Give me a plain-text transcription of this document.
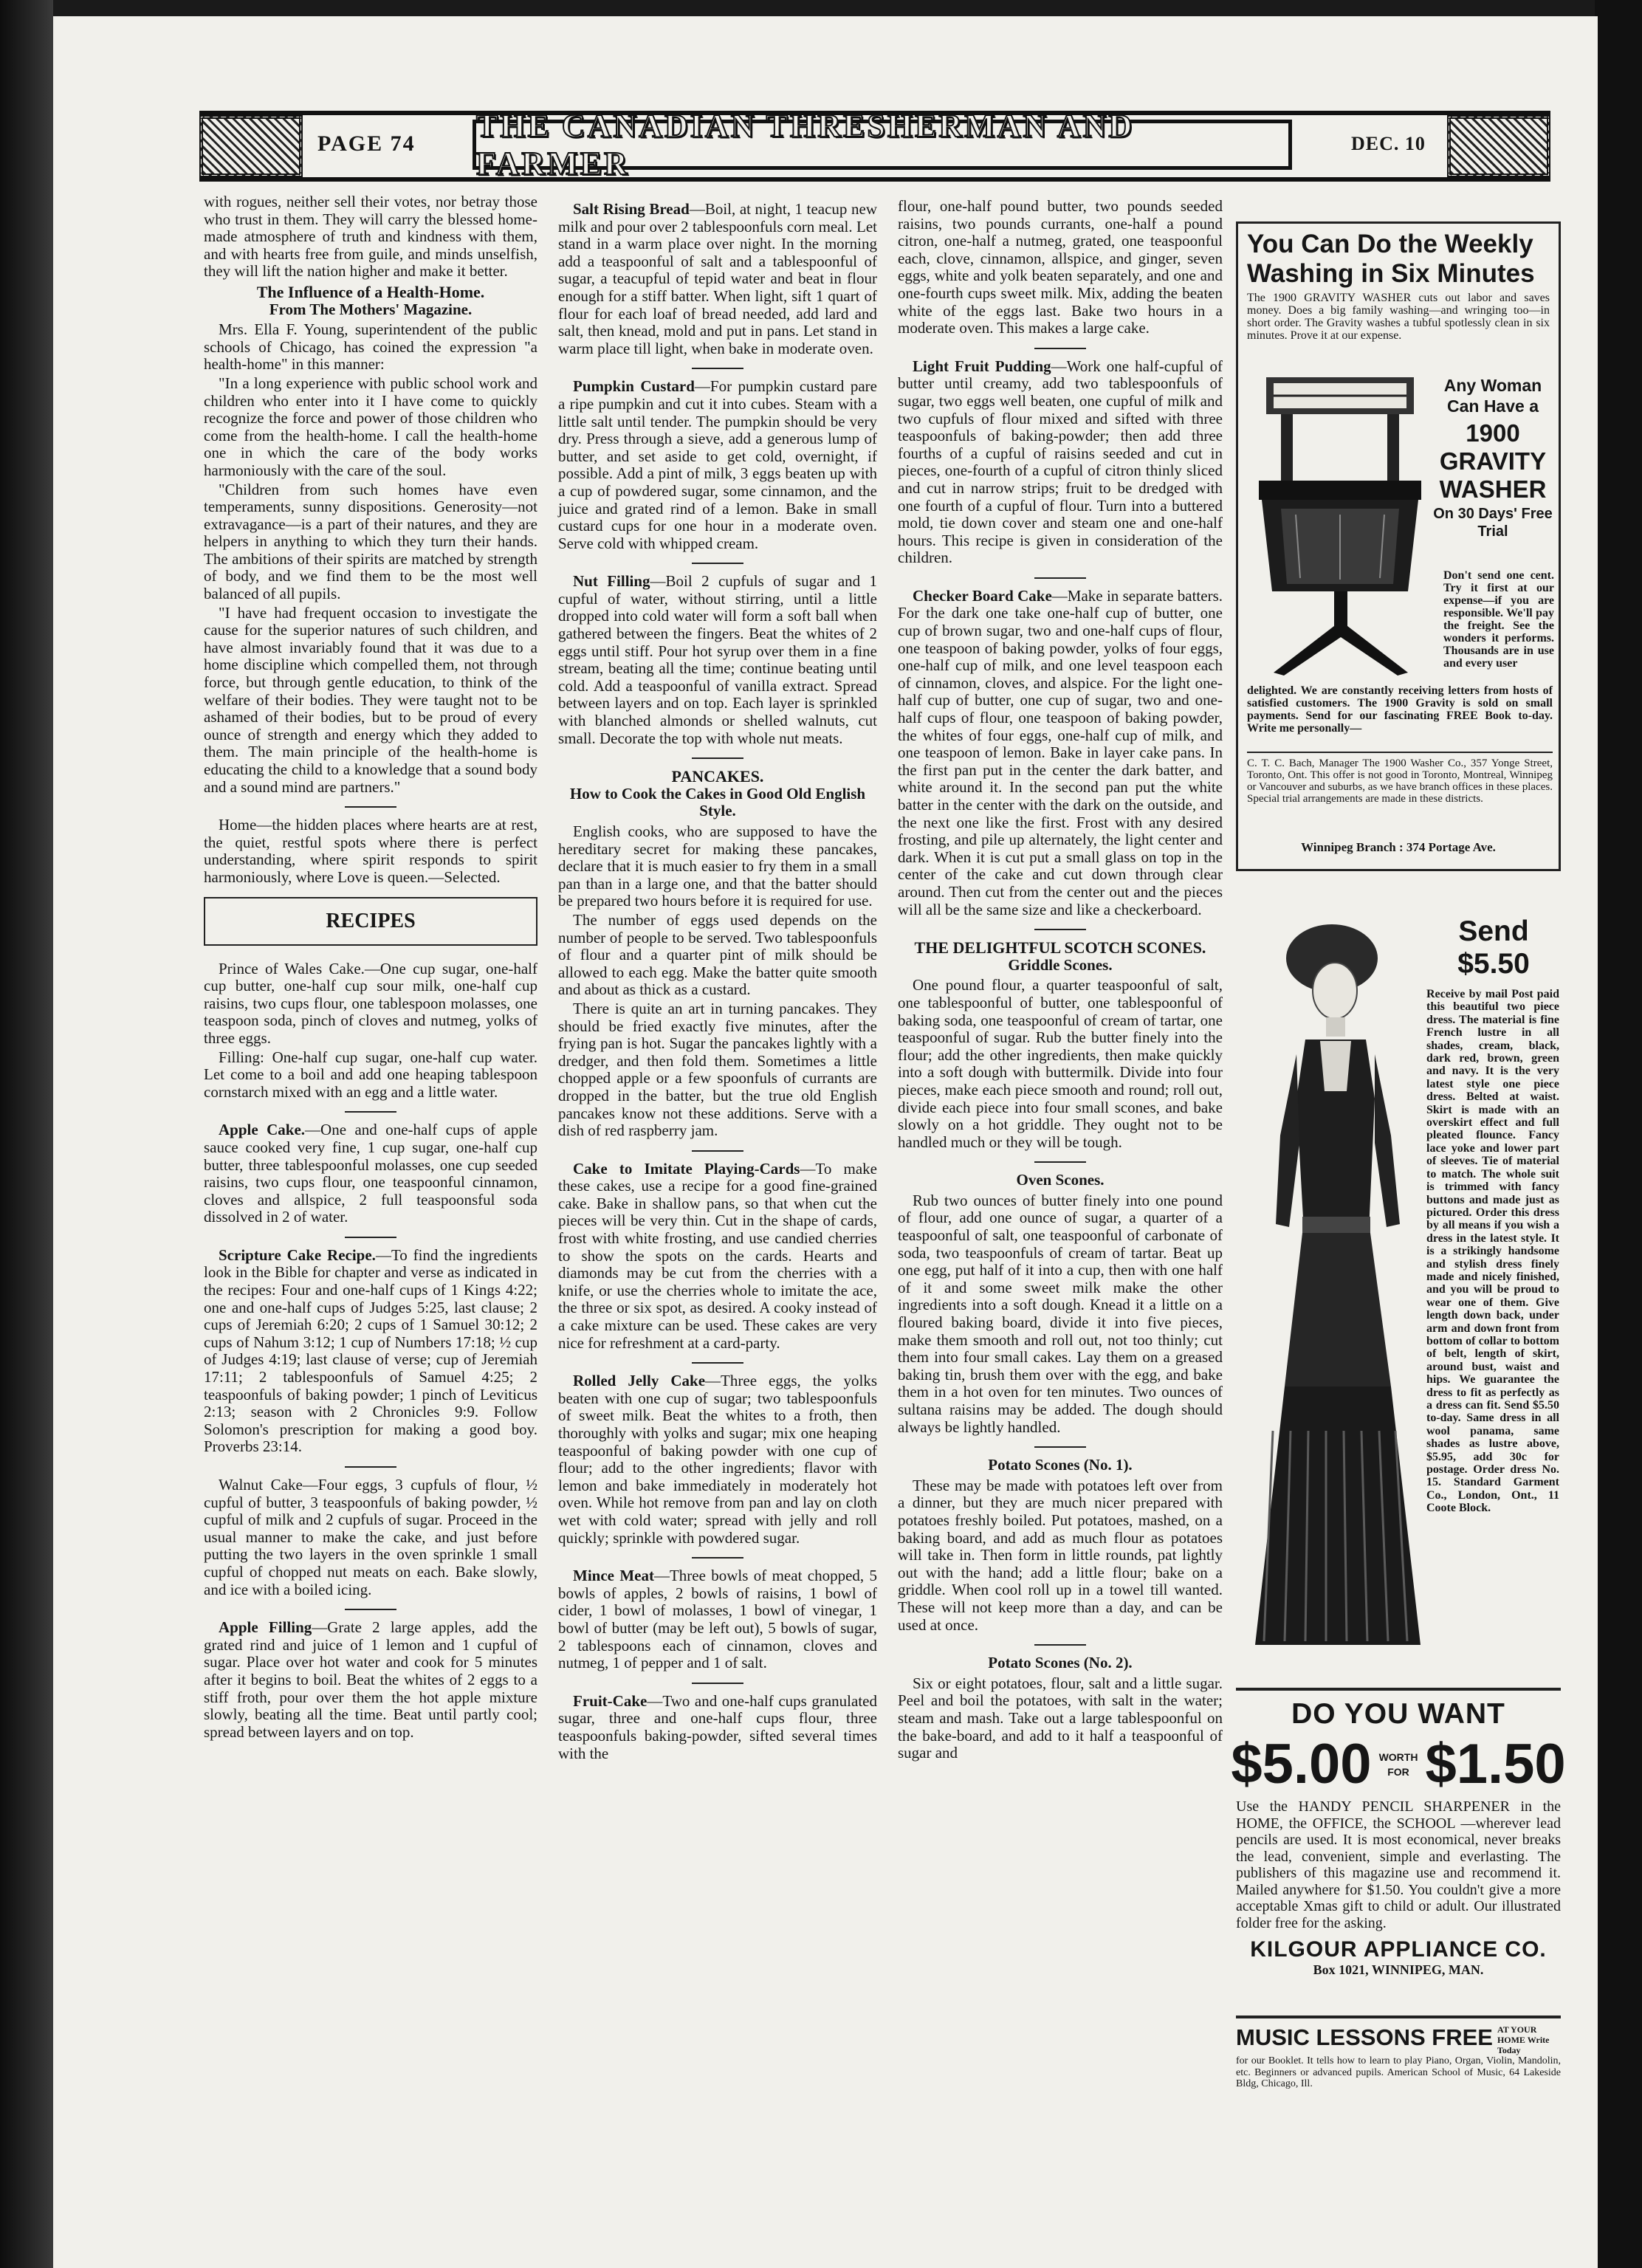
PAGE 74 THE CANADIAN THRESHERMAN AND FARMER
DEC. 10

with rogues, neither sell their votes, nor betray those who trust in them. They will carry the blessed home-made atmosphere of truth and kindness with them, and with hearts free from guile, and minds unselfish, they will lift the nation higher and make it better.

The Influence of a Health-Home.
From The Mothers' Magazine.

Mrs. Ella F. Young, superintendent of the public schools of Chicago, has coined the expression "a health-home" in this manner:

"In a long experience with public school work and children who enter into it I have come to quickly recognize the force and power of those children who come from the health-home. I call the health-home one in which the care of the body works harmoniously with the care of the soul.

"Children from such homes have even temperaments, sunny dispositions. Generosity—not extravagance—is a part of their natures, and they are helpers in anything to which they turn their hands. The ambitions of their spirits are matched by strength of body, and we find them to be the most well balanced of all pupils.

"I have had frequent occasion to investigate the cause for the superior natures of such children, and have almost invariably found that it was due to a home discipline which compelled them, not through force, but through gentle education, to think of the welfare of their bodies. They were taught not to be ashamed of their bodies, but to be proud of every ounce of strength and energy which they added to them. The main principle of the health-home is educating the child to a knowledge that a sound body and a sound mind are partners."

Home—the hidden places where hearts are at rest, the quiet, restful spots where there is perfect understanding, where spirit responds to spirit harmoniously, where Love is queen.—Selected.

RECIPES

Prince of Wales Cake.—One cup sugar, one-half cup butter, one-half cup sour milk, one-half cup raisins, two cups flour, one tablespoon molasses, one teaspoon soda, pinch of cloves and nutmeg, yolks of three eggs.

Filling: One-half cup sugar, one-half cup water. Let come to a boil and add one heaping tablespoon cornstarch mixed with an egg and a little water.

Apple Cake.—One and one-half cups of apple sauce cooked very fine, 1 cup sugar, one-half cup butter, three tablespoonful molasses, one cup seeded raisins, two cups flour, one teaspoonful cinnamon, cloves and allspice, 2 full teaspoonsful soda dissolved in 2 of water.

Scripture Cake Recipe.—To find the ingredients look in the Bible for chapter and verse as indicated in the recipes: Four and one-half cups of 1 Kings 4:22; one and one-half cups of Judges 5:25, last clause; 2 cups of Jeremiah 6:20; 2 cups of 1 Samuel 30:12; 2 cups of Nahum 3:12; 1 cup of Numbers 17:18; ½ cup of Judges 4:19; last clause of verse; cup of Jeremiah 17:11; 2 tablespoonfuls of Samuel 4:25; 2 teaspoonfuls of baking powder; 1 pinch of Leviticus 2:13; season with 2 Chronicles 9:9. Follow Solomon's prescription for making a good boy. Proverbs 23:14.

Walnut Cake—Four eggs, 3 cupfuls of flour, ½ cupful of butter, 3 teaspoonfuls of baking powder, ½ cupful of milk and 2 cupfuls of sugar. Proceed in the usual manner to make the cake, and just before putting the two layers in the oven sprinkle 1 small cupful of chopped nut meats on each. Bake slowly, and ice with a boiled icing.

Apple Filling—Grate 2 large apples, add the grated rind and juice of 1 lemon and 1 cupful of sugar. Place over hot water and cook for 5 minutes after it begins to boil. Beat the whites of 2 eggs to a stiff froth, pour over them the hot apple mixture slowly, beating all the time. Beat until partly cool; spread between layers and on top.

Salt Rising Bread—Boil, at night, 1 teacup new milk and pour over 2 tablespoonfuls corn meal. Let stand in a warm place over night. In the morning add a teaspoonful of salt and a tablespoonful of sugar, a teacupful of tepid water and beat in flour enough for a stiff batter. When light, sift 1 quart of flour for each loaf of bread needed, add lard and salt, then knead, mold and put in pans. Let stand in warm place till light, when bake in moderate oven.

Pumpkin Custard—For pumpkin custard pare a ripe pumpkin and cut it into cubes. Steam with a little salt until tender. The pumpkin should be very dry. Press through a sieve, add a generous lump of butter, and set aside to get cold, overnight, if possible. Add a pint of milk, 3 eggs beaten up with a cup of powdered sugar, some cinnamon, and the juice and grated rind of a lemon. Bake in small custard cups for one hour in a moderate oven. Serve cold with whipped cream.

Nut Filling—Boil 2 cupfuls of sugar and 1 cupful of water, without stirring, until a little dropped into cold water will form a soft ball when gathered between the fingers. Beat the whites of 2 eggs until stiff. Pour hot syrup over them in a fine stream, beating all the time; continue beating until cold. Add a teaspoonful of vanilla extract. Spread between layers and on top. Each layer is sprinkled with blanched almonds or shelled walnuts, cut small. Decorate the top with whole nut meats.

PANCAKES.
How to Cook the Cakes in Good Old English Style.

English cooks, who are supposed to have the hereditary secret for making these pancakes, declare that it is much easier to fry them in a small pan than in a large one, and that the batter should be prepared two hours before it is required for use.

The number of eggs used depends on the number of people to be served. Two tablespoonfuls of flour and a quarter pint of milk should be allowed to each egg. Make the batter quite smooth and about as thick as a custard.

There is quite an art in turning pancakes. They should be fried exactly five minutes, after the frying pan is hot. Sugar the pancakes lightly with a dredger, and then fold them. Sometimes a little chopped apple or a few spoonfuls of currants are dropped in the batter, but the true old English pancakes know not these additions. Serve with a dish of red raspberry jam.

Cake to Imitate Playing-Cards—To make these cakes, use a recipe for a good fine-grained cake. Bake in shallow pans, so that when cut the pieces will be very thin. Cut in the shape of cards, frost with white frosting, and use candied cherries to show the spots on the cards. Hearts and diamonds may be cut from the cherries with a knife, or use the cherries whole to imitate the ace, the three or six spot, as desired. A cooky instead of a cake mixture can be used. These cakes are very nice for refreshment at a card-party.

Rolled Jelly Cake—Three eggs, the yolks beaten with one cup of sugar; two tablespoonfuls of sweet milk. Beat the whites to a froth, then thoroughly with yolks and sugar; mix one heaping teaspoonful of baking powder with one cup of flour; add to the other ingredients; flavor with lemon and bake immediately in moderately hot oven. While hot remove from pan and lay on cloth wet with cold water; spread with jelly and roll quickly; sprinkle with powdered sugar.

Mince Meat—Three bowls of meat chopped, 5 bowls of apples, 2 bowls of raisins, 1 bowl of cider, 1 bowl of molasses, 1 bowl of vinegar, 1 bowl of butter (may be left out), 5 bowls of sugar, 2 tablespoons each of cinnamon, cloves and nutmeg, 1 of pepper and 1 of salt.

Fruit-Cake—Two and one-half cups granulated sugar, three and one-half cups flour, three teaspoonfuls baking-powder, sifted several times with the

flour, one-half pound butter, two pounds seeded raisins, two pounds currants, one-half a pound citron, one-half a nutmeg, grated, one teaspoonful each, clove, cinnamon, allspice, and ginger, seven eggs, white and yolk beaten separately, and one and one-fourth cups sweet milk. Mix, adding the beaten white of the eggs last. Bake two hours in a moderate oven. This makes a large cake.

Light Fruit Pudding—Work one half-cupful of butter until creamy, add two tablespoonfuls of sugar, two eggs well beaten, one cupful of milk and two cupfuls of flour mixed and sifted with three teaspoonfuls of baking-powder; then add three fourths of a cupful of raisins seeded and cut in pieces, one-fourth of a cupful of citron thinly sliced and cut in narrow strips; fruit to be dredged with one fourth of a cupful of flour. Turn into a buttered mold, tie down cover and steam one and one-half hours. This recipe is given in consideration of the children.

Checker Board Cake—Make in separate batters. For the dark one take one-half cup of butter, one cup of brown sugar, two and one-half cups of flour, one teaspoon of baking powder, yolks of four eggs, one-half cup of milk, and one level teaspoon each of cinnamon, cloves, and alspice. For the light one-half cup of butter, one cup of sugar, two and one-half cups of flour, one teaspoon of baking powder, the whites of four eggs, one-half cup of milk, and one teaspoon of lemon. Bake in layer cake pans. In the first pan put in the center the dark batter, and white around it. In the second pan put the white batter in the center with the dark on the outside, and the next one like the first. Frost with any desired frosting, and pile up alternately, the light center and dark. When it is cut put a small glass on top in the center of the cake and cut down through clear around. Then cut from the center out and the pieces will all be the same size and like a checkerboard.

THE DELIGHTFUL SCOTCH SCONES.
Griddle Scones.

One pound flour, a quarter teaspoonful of salt, one tablespoonful of butter, one tablespoonful of baking soda, one teaspoonful of cream of tartar, one teaspoonful of sugar. Rub the butter finely into the flour; add the other ingredients, then make quickly into a soft dough with buttermilk. Divide into four pieces, make each piece smooth and round; roll out, divide each piece into four small scones, and bake slowly on a hot griddle. They ought not to be handled much or they will be tough.

Oven Scones.

Rub two ounces of butter finely into one pound of flour, add one ounce of sugar, a quarter of a teaspoonful of salt, one teaspoonful of carbonate of soda, two teaspoonfuls of cream of tartar. Beat up one egg, put half of it into a cup, then with one half of it and some sweet milk make the other ingredients into a soft dough. Knead it a little on a floured baking board, divide it into five pieces, make them smooth and roll out, not too thinly; cut them into four small cakes. Lay them on a greased baking tin, brush them over with the egg, and bake them in a hot oven for ten minutes. Two ounces of sultana raisins may be added. The dough should always be lightly handled.

Potato Scones (No. 1).

These may be made with potatoes left over from a dinner, but they are much nicer prepared with potatoes freshly boiled. Put potatoes, mashed, on a baking board, and add as much flour as potatoes will take in. Then form in little rounds, pat lightly out with the hand; add a little flour; bake on a griddle. When cool roll up in a towel till wanted. These will not keep more than a day, and can be used at once.

Potato Scones (No. 2).

Six or eight potatoes, flour, salt and a little sugar. Peel and boil the potatoes, with salt in the water; steam and mash. Take out a large tablespoonful on the bake-board, and add to it half a teaspoonful of sugar and

You Can Do the Weekly Washing in Six Minutes
The 1900 GRAVITY WASHER cuts out labor and saves money. Does a big family washing—and wringing too—in short order. The Gravity washes a tubful spotlessly clean in six minutes. Prove it at our expense.
Any Woman Can Have a
1900 GRAVITY WASHER
On 30 Days' Free Trial
Don't send one cent. Try it first at our expense—if you are responsible. We'll pay the freight. See the wonders it performs. Thousands are in use and every user
delighted. We are constantly receiving letters from hosts of satisfied customers. The 1900 Gravity is sold on small payments. Send for our fascinating FREE Book to-day. Write me personally—
C. T. C. Bach, Manager The 1900 Washer Co., 357 Yonge Street, Toronto, Ont. This offer is not good in Toronto, Montreal, Winnipeg or Vancouver and suburbs, as we have branch offices in these places. Special trial arrangements are made in these districts.
Winnipeg Branch : 374 Portage Ave.
Send $5.50
Receive by mail Post paid this beautiful two piece dress. The material is fine French lustre in all shades, cream, black, dark red, brown, green and navy. It is the very latest style one piece dress. Belted at waist. Skirt is made with an overskirt effect and full pleated flounce. Fancy lace yoke and lower part of sleeves. Tie of material to match. The whole suit is trimmed with fancy buttons and made just as pictured. Order this dress by all means if you wish a dress in the latest style. It is a strikingly handsome and stylish dress finely made and nicely finished, and you will be proud to wear one of them. Give length down back, under arm and down front from bottom of collar to bottom of belt, length of skirt, around bust, waist and hips. We guarantee the dress to fit as perfectly as a dress can fit. Send $5.50 to-day. Same dress in all wool panama, same shades as lustre above, $5.95, add 30c for postage. Order dress No. 15. Standard Garment Co., London, Ont., 11 Coote Block.
DO YOU WANT
$5.00 WORTH
FOR $1.50
Use the HANDY PENCIL SHARPENER in the HOME, the OFFICE, the SCHOOL —wherever lead pencils are used. It is most economical, never breaks the lead, convenient, simple and everlasting. The publishers of this magazine use and recommend it. Mailed anywhere for $1.50. You couldn't give a more acceptable Xmas gift to child or adult. Our illustrated folder free for the asking.
KILGOUR APPLIANCE CO.
Box 1021, WINNIPEG, MAN.
MUSIC LESSONS FREE AT YOUR HOME Write Today
for our Booklet. It tells how to learn to play Piano, Organ, Violin, Mandolin, etc. Beginners or advanced pupils. American School of Music, 64 Lakeside Bldg, Chicago, Ill.
